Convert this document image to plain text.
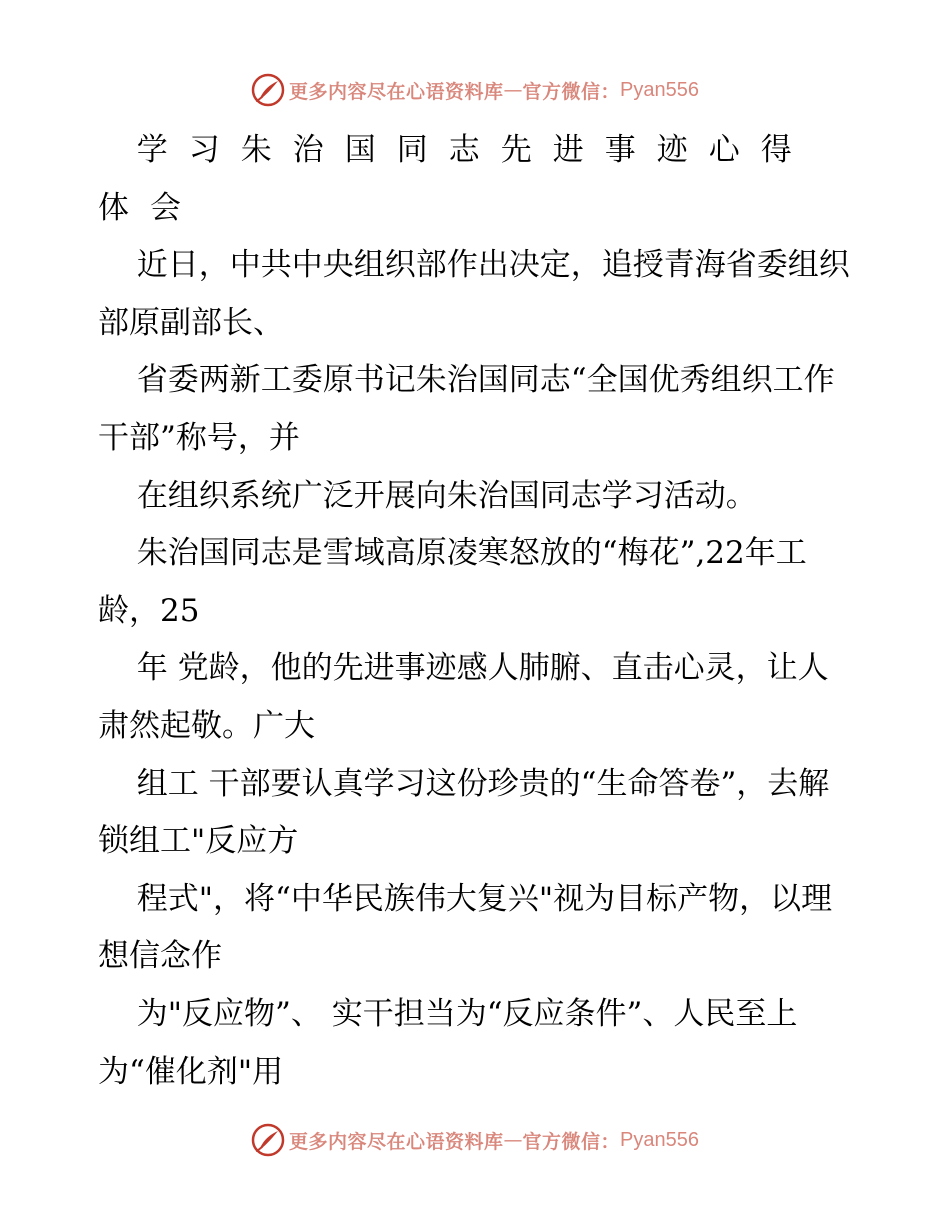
更多内容尽在心语资料库 — 官方微信： Pyan556

学习朱治国同志先进事迹心得体会

近日，中共中央组织部作出决定，追授青海省委组织部原副部长、

省委两新工委原书记朱治国同志“全国优秀组织工作干部”称号，并

在组织系统广泛开展向朱治国同志学习活动。

朱治国同志是雪域高原凌寒怒放的“梅花”,22年工龄，25

年 党龄，他的先进事迹感人肺腑、直击心灵，让人肃然起敬。广大

组工 干部要认真学习这份珍贵的“生命答卷”，去解锁组工"反应方

程式"，将“中华民族伟大复兴"视为目标产物，以理想信念作

为"反应物”、 实干担当为“反应条件”、人民至上为“催化剂"用

更多内容尽在心语资料库 — 官方微信： Pyan556
